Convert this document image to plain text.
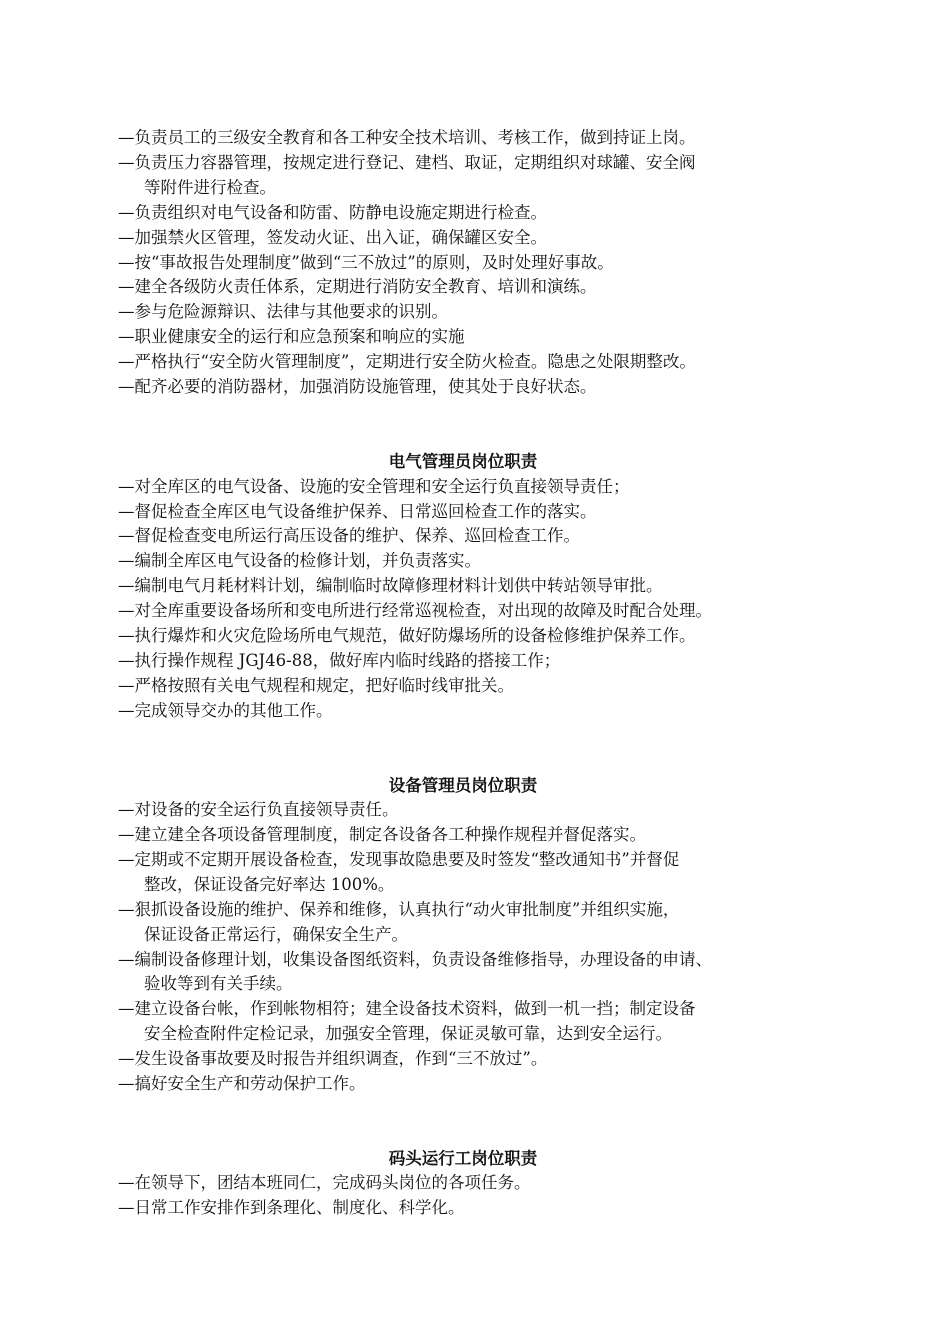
—负责员工的三级安全教育和各工种安全技术培训、考核工作，做到持证上岗。
—负责压力容器管理，按规定进行登记、建档、取证，定期组织对球罐、安全阀
等附件进行检查。
—负责组织对电气设备和防雷、防静电设施定期进行检查。
—加强禁火区管理，签发动火证、出入证，确保罐区安全。
—按“事故报告处理制度”做到“三不放过”的原则，及时处理好事故。
—建全各级防火责任体系，定期进行消防安全教育、培训和演练。
—参与危险源辩识、法律与其他要求的识别。
—职业健康安全的运行和应急预案和响应的实施
—严格执行“安全防火管理制度”，定期进行安全防火检查。隐患之处限期整改。
—配齐必要的消防器材，加强消防设施管理，使其处于良好状态。
电气管理员岗位职责
—对全库区的电气设备、设施的安全管理和安全运行负直接领导责任；
—督促检查全库区电气设备维护保养、日常巡回检查工作的落实。
—督促检查变电所运行高压设备的维护、保养、巡回检查工作。
—编制全库区电气设备的检修计划，并负责落实。
—编制电气月耗材料计划，编制临时故障修理材料计划供中转站领导审批。
—对全库重要设备场所和变电所进行经常巡视检查，对出现的故障及时配合处理。
—执行爆炸和火灾危险场所电气规范，做好防爆场所的设备检修维护保养工作。
—执行操作规程 JGJ46-88，做好库内临时线路的搭接工作；
—严格按照有关电气规程和规定，把好临时线审批关。
—完成领导交办的其他工作。
设备管理员岗位职责
—对设备的安全运行负直接领导责任。
—建立建全各项设备管理制度，制定各设备各工种操作规程并督促落实。
—定期或不定期开展设备检查，发现事故隐患要及时签发“整改通知书”并督促
整改，保证设备完好率达 100%。
—狠抓设备设施的维护、保养和维修，认真执行“动火审批制度”并组织实施，
保证设备正常运行，确保安全生产。
—编制设备修理计划，收集设备图纸资料，负责设备维修指导，办理设备的申请、
验收等到有关手续。
—建立设备台帐，作到帐物相符；建全设备技术资料，做到一机一挡；制定设备
安全检查附件定检记录，加强安全管理，保证灵敏可靠，达到安全运行。
—发生设备事故要及时报告并组织调查，作到“三不放过”。
—搞好安全生产和劳动保护工作。
码头运行工岗位职责
—在领导下，团结本班同仁，完成码头岗位的各项任务。
—日常工作安排作到条理化、制度化、科学化。
